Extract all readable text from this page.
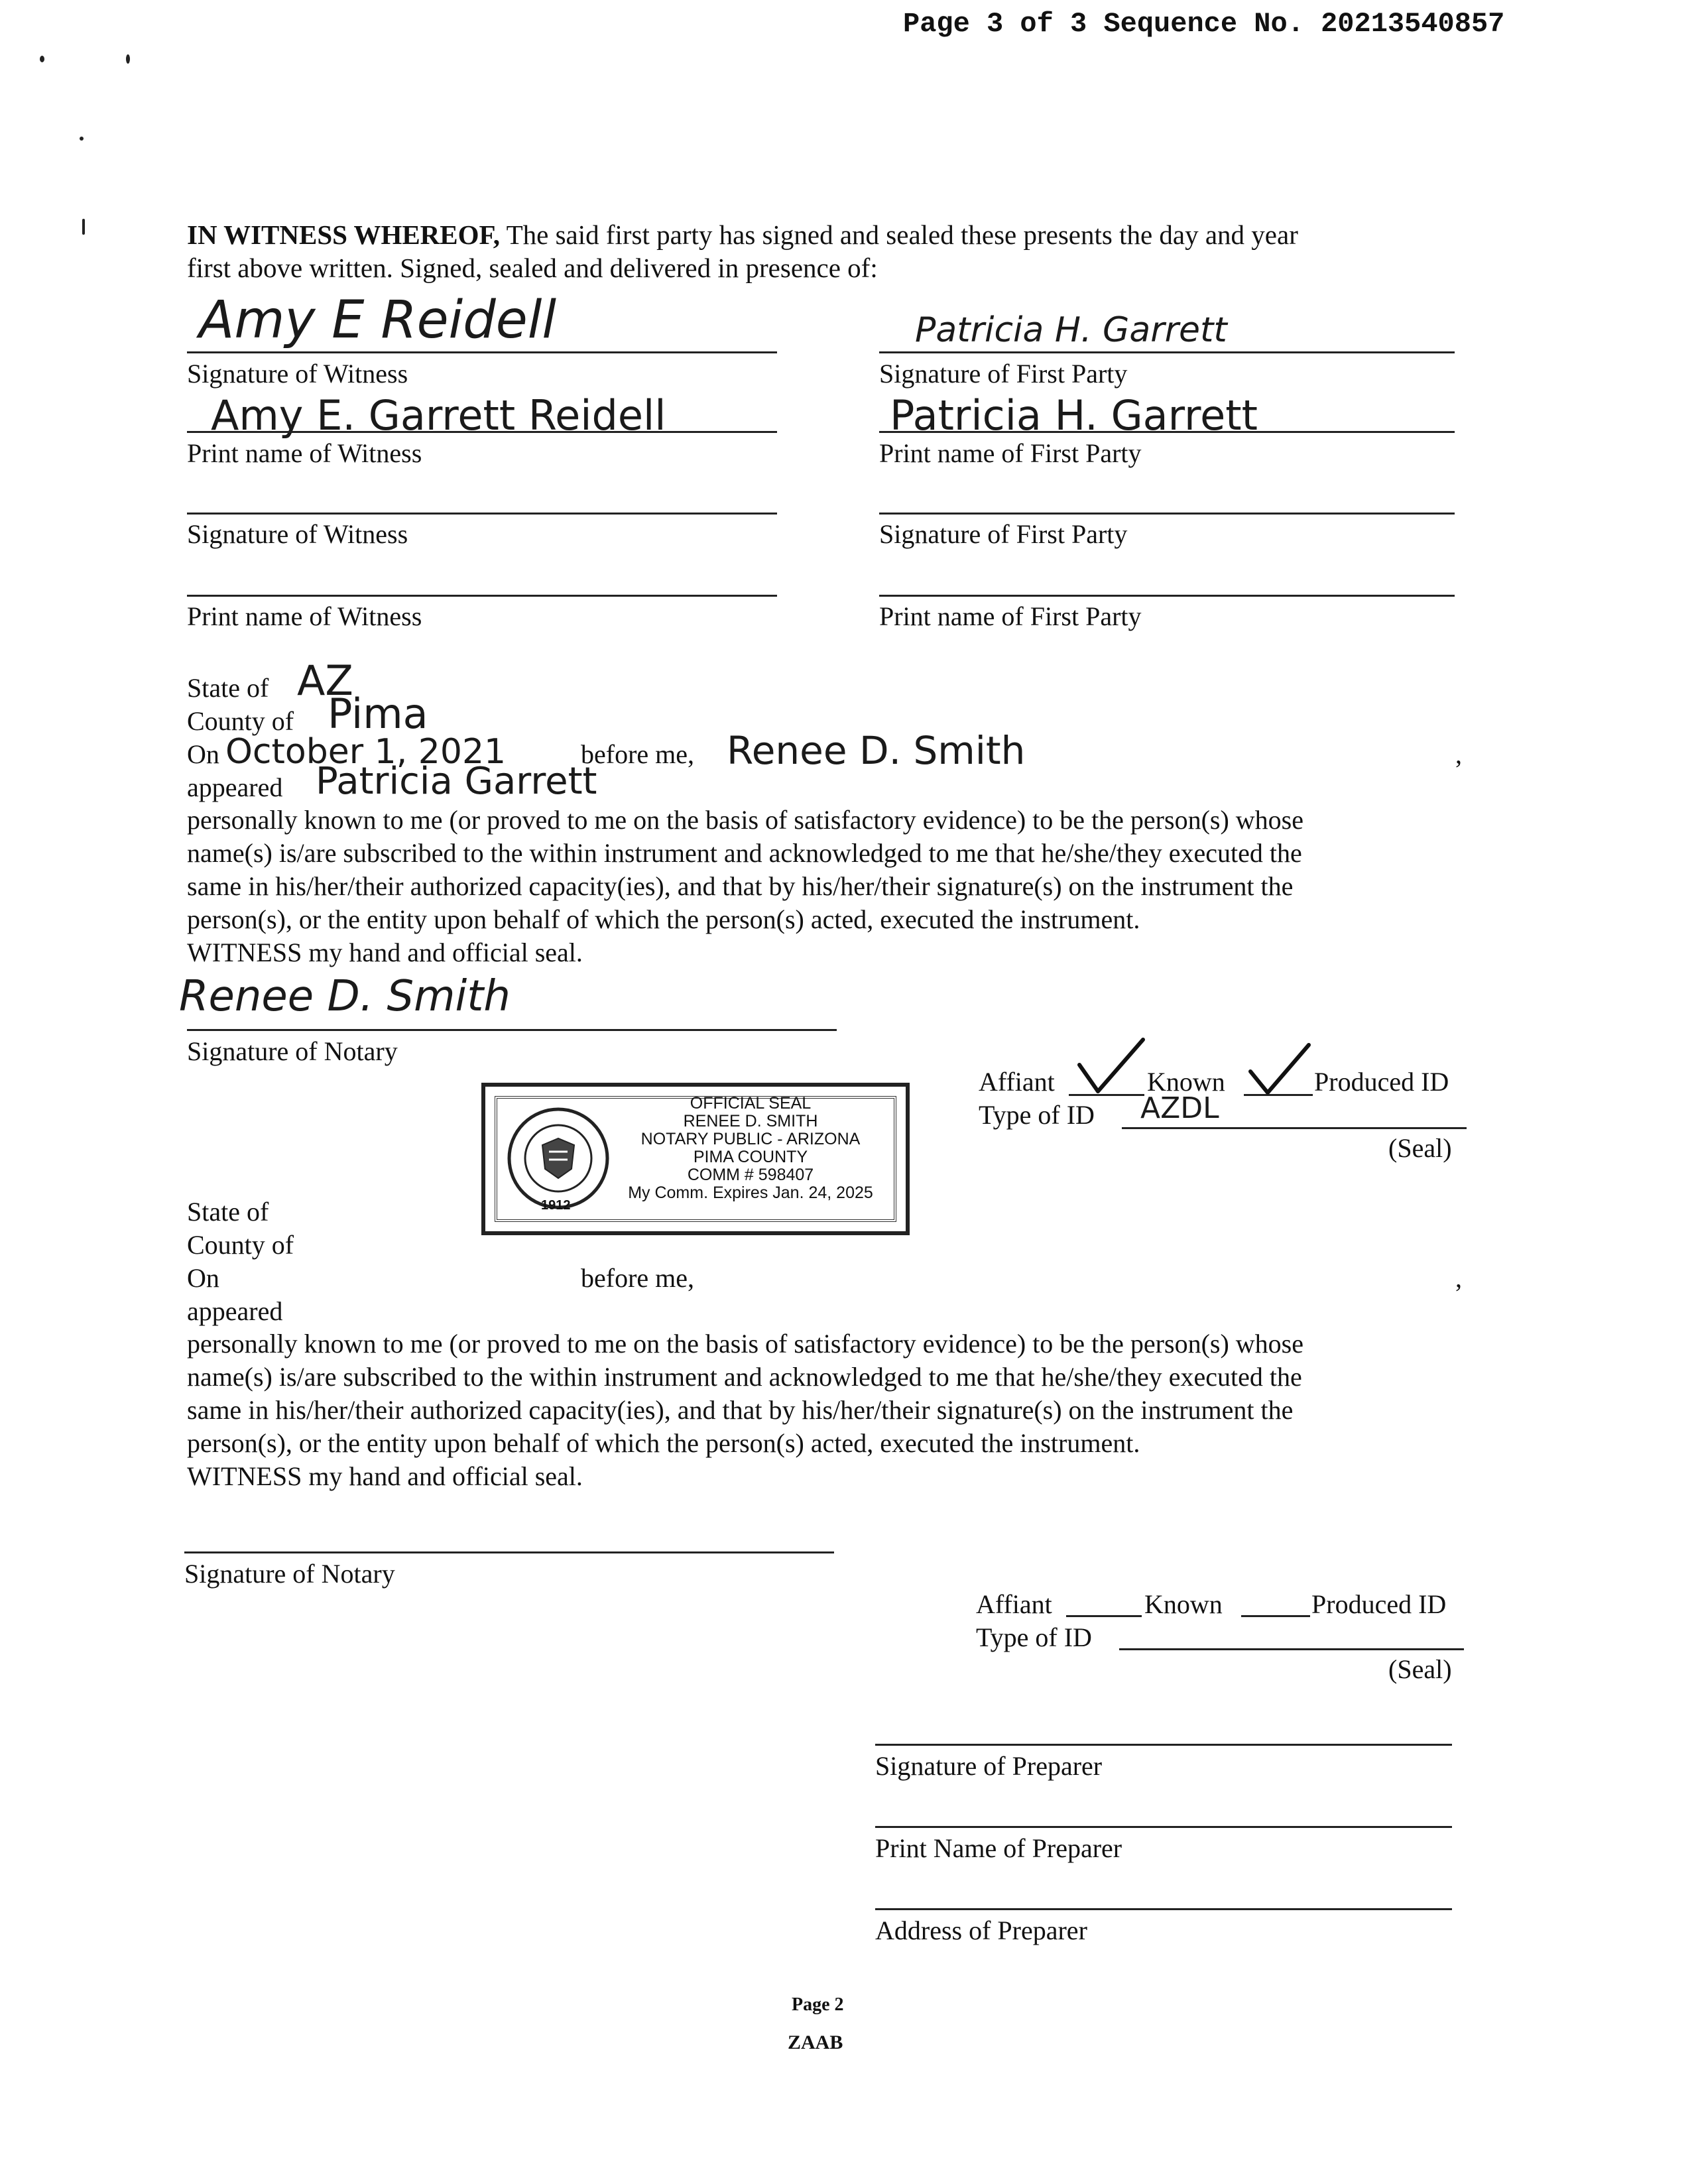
Page 3 of 3 Sequence No. 20213540857
IN WITNESS WHEREOF, The said first party has signed and sealed these presents the day and year
first above written. Signed, sealed and delivered in presence of:
Amy E Reidell
Signature of Witness
Patricia H. Garrett
Signature of First Party
Amy E. Garrett Reidell
Print name of Witness
Patricia H. Garrett
Print name of First Party
Signature of Witness	Signature of First Party
Print name of Witness	Print name of First Party
State of AZ
County of Pima
On October 1, 2021	before me, Renee D. Smith	,
appeared Patricia Garrett

personally known to me (or proved to me on the basis of satisfactory evidence) to be the person(s) whose

name(s) is/are subscribed to the within instrument and acknowledged to me that he/she/they executed the

same in his/her/their authorized capacity(ies), and that by his/her/their signature(s) on the instrument the

person(s), or the entity upon behalf of which the person(s) acted, executed the instrument.

WITNESS my hand and official seal.

Renee D. Smith
Signature of Notary
Affiant	Known	Produced ID
Type of ID AZDL
(Seal)
1912
OFFICIAL SEAL
RENEE D. SMITH
NOTARY PUBLIC - ARIZONA
PIMA COUNTY
COMM # 598407
My Comm. Expires Jan. 24, 2025
State of
County of
On	before me,	,
appeared

personally known to me (or proved to me on the basis of satisfactory evidence) to be the person(s) whose

name(s) is/are subscribed to the within instrument and acknowledged to me that he/she/they executed the

same in his/her/their authorized capacity(ies), and that by his/her/their signature(s) on the instrument the

person(s), or the entity upon behalf of which the person(s) acted, executed the instrument.

WITNESS my hand and official seal.

Signature of Notary
Affiant	Known	Produced ID
Type of ID
(Seal)
Signature of Preparer
Print Name of Preparer
Address of Preparer
Page 2
ZAAB
